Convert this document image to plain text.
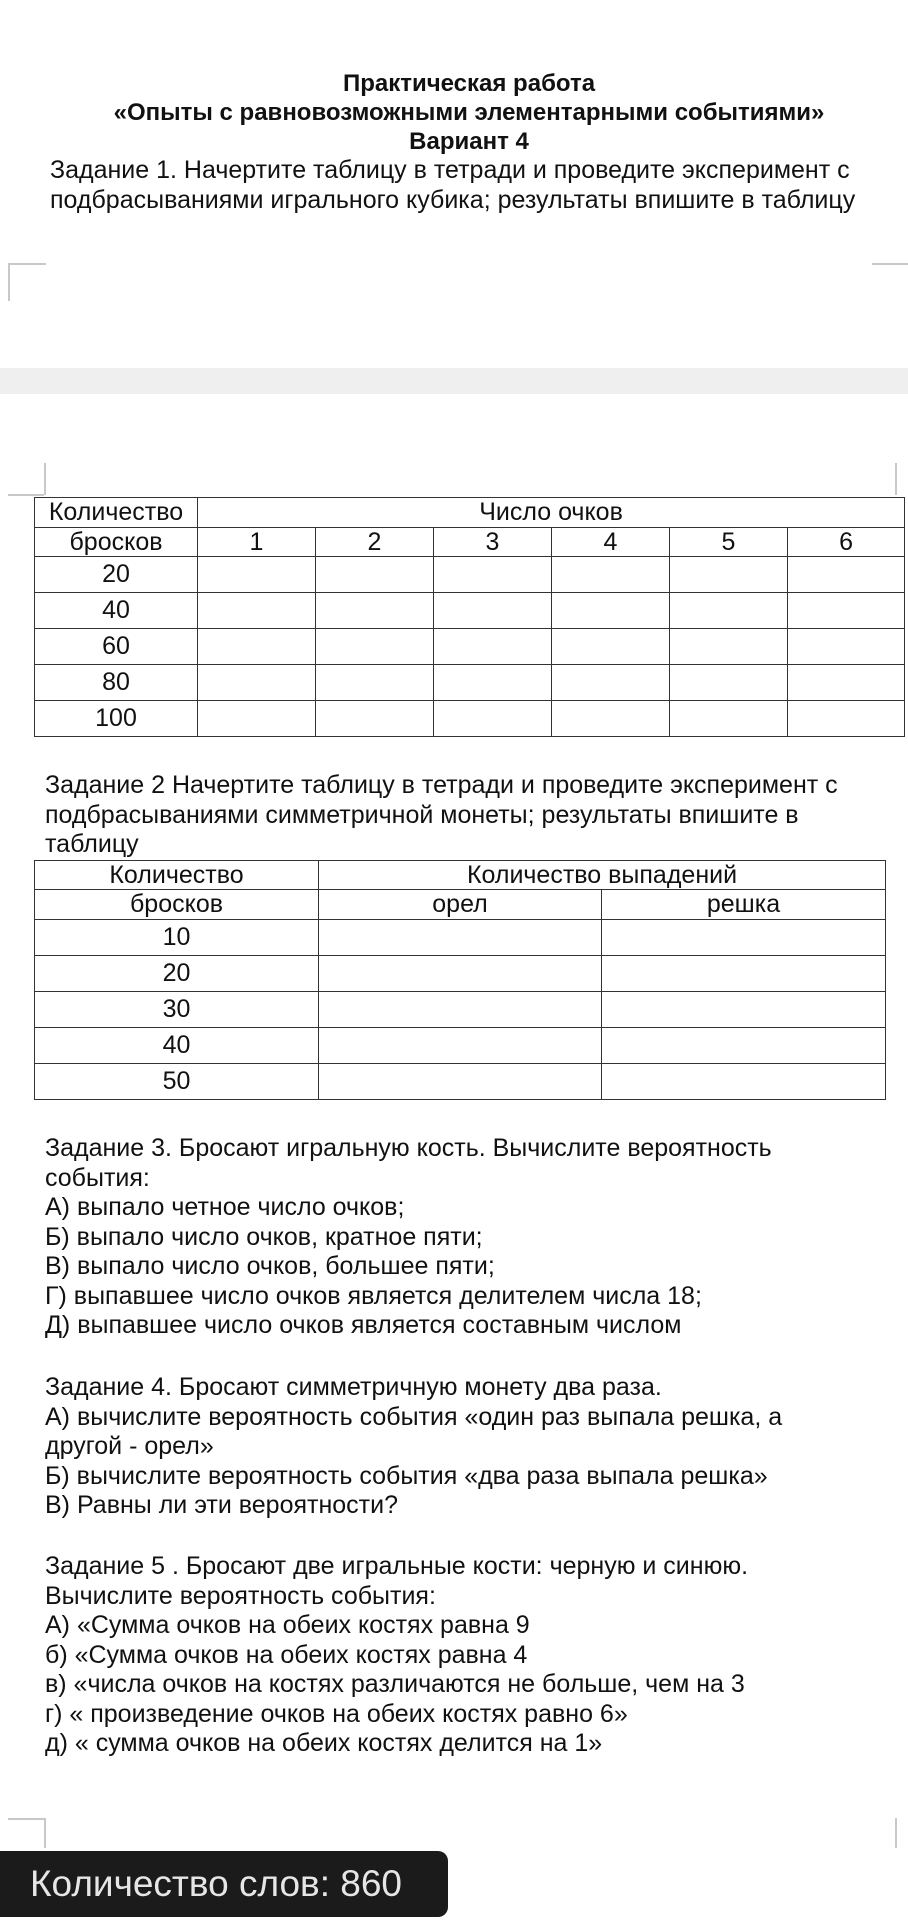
Практическая работа
«Опыты с равновозможными элементарными событиями»
Вариант 4
Задание 1. Начертите таблицу в тетради и проведите эксперимент с подбрасываниями игрального кубика; результаты впишите в таблицу
Количество	Число очков					
бросков	1	2	3	4	5	6
20						
40						
60						
80						
100						
Задание 2 Начертите таблицу в тетради и проведите эксперимент с подбрасываниями симметричной монеты; результаты впишите в таблицу
Количество	Количество выпадений	
бросков	орел	решка
10		
20		
30		
40		
50		
Задание 3. Бросают игральную кость. Вычислите вероятность
события:
А) выпало четное число очков;
Б) выпало число очков, кратное пяти;
В) выпало число очков, большее пяти;
Г) выпавшее число очков является делителем числа 18;
Д) выпавшее число очков является составным числом
Задание 4. Бросают симметричную монету два раза.
А) вычислите вероятность события «один раз выпала решка, а
другой - орел»
Б) вычислите вероятность события «два раза выпала решка»
В) Равны ли эти вероятности?
Задание 5 . Бросают две игральные кости: черную и синюю.
Вычислите вероятность события:
А) «Сумма очков на обеих костях равна 9
б) «Сумма очков на обеих костях равна 4
в) «числа очков на костях различаются не больше, чем на 3
г) « произведение очков на обеих костях равно 6»
д) « сумма очков на обеих костях делится на 1»
Количество слов: 860
